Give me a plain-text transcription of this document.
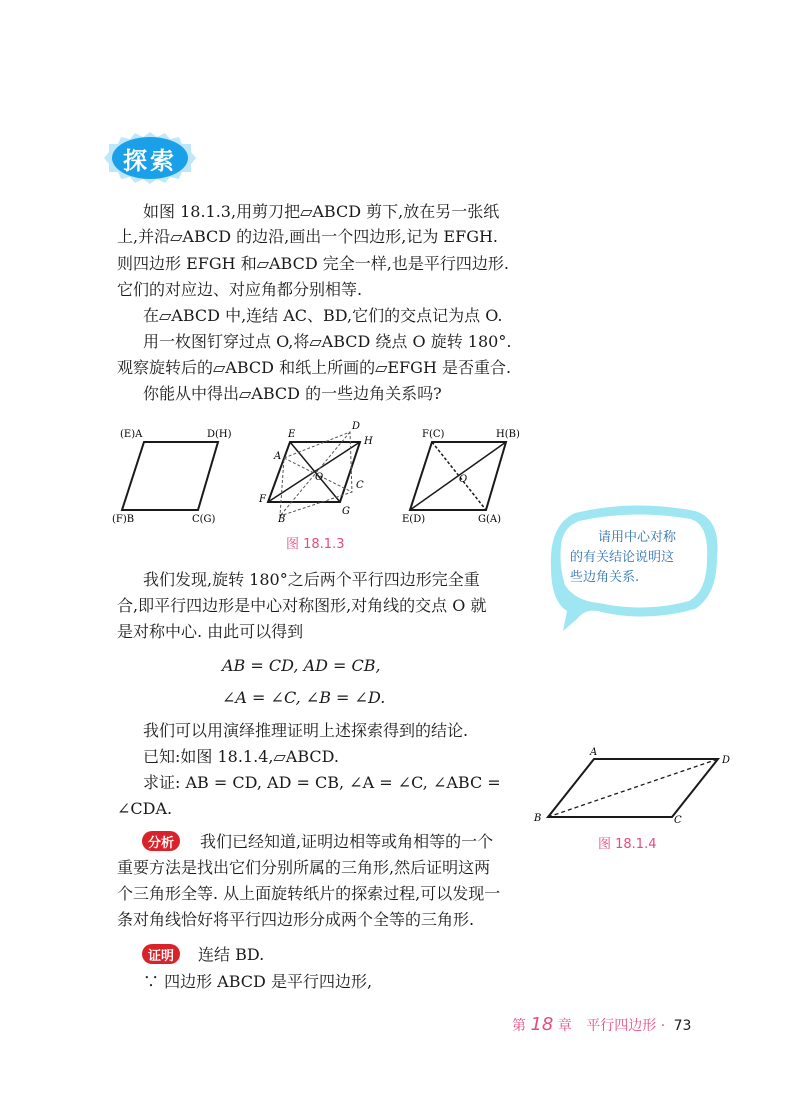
探索
如图 18.1.3,用剪刀把▱ABCD 剪下,放在另一张纸
上,并沿▱ABCD 的边沿,画出一个四边形,记为 EFGH.
则四边形 EFGH 和▱ABCD 完全一样,也是平行四边形.
它们的对应边、对应角都分别相等.
在▱ABCD 中,连结 AC、BD,它们的交点记为点 O.
用一枚图钉穿过点 O,将▱ABCD 绕点 O 旋转 180°.
观察旋转后的▱ABCD 和纸上所画的▱EFGH 是否重合.
你能从中得出▱ABCD 的一些边角关系吗?
(E)A	D(H)
(F)B	C(G)
E
D
H
A
O
C
F
B
G
F(C)	H(B)
E(D)	G(A)
O
图 18.1.3	请用中心对称
的有关结论说明这
些边角关系.
我们发现,旋转 180°之后两个平行四边形完全重
合,即平行四边形是中心对称图形,对角线的交点 O 就
是对称中心. 由此可以得到
AB = CD, AD = CB,
∠A = ∠C, ∠B = ∠D.
我们可以用演绎推理证明上述探索得到的结论.
已知:如图 18.1.4,▱ABCD.
求证: AB = CD, AD = CB, ∠A = ∠C, ∠ABC =
∠CDA.
A
D
B	C
图 18.1.4
分析	我们已经知道,证明边相等或角相等的一个
重要方法是找出它们分别所属的三角形,然后证明这两
个三角形全等. 从上面旋转纸片的探索过程,可以发现一
条对角线恰好将平行四边形分成两个全等的三角形.
证明	连结 BD.
∵ 四边形 ABCD 是平行四边形,
第 18 章 平行四边形 · 73
